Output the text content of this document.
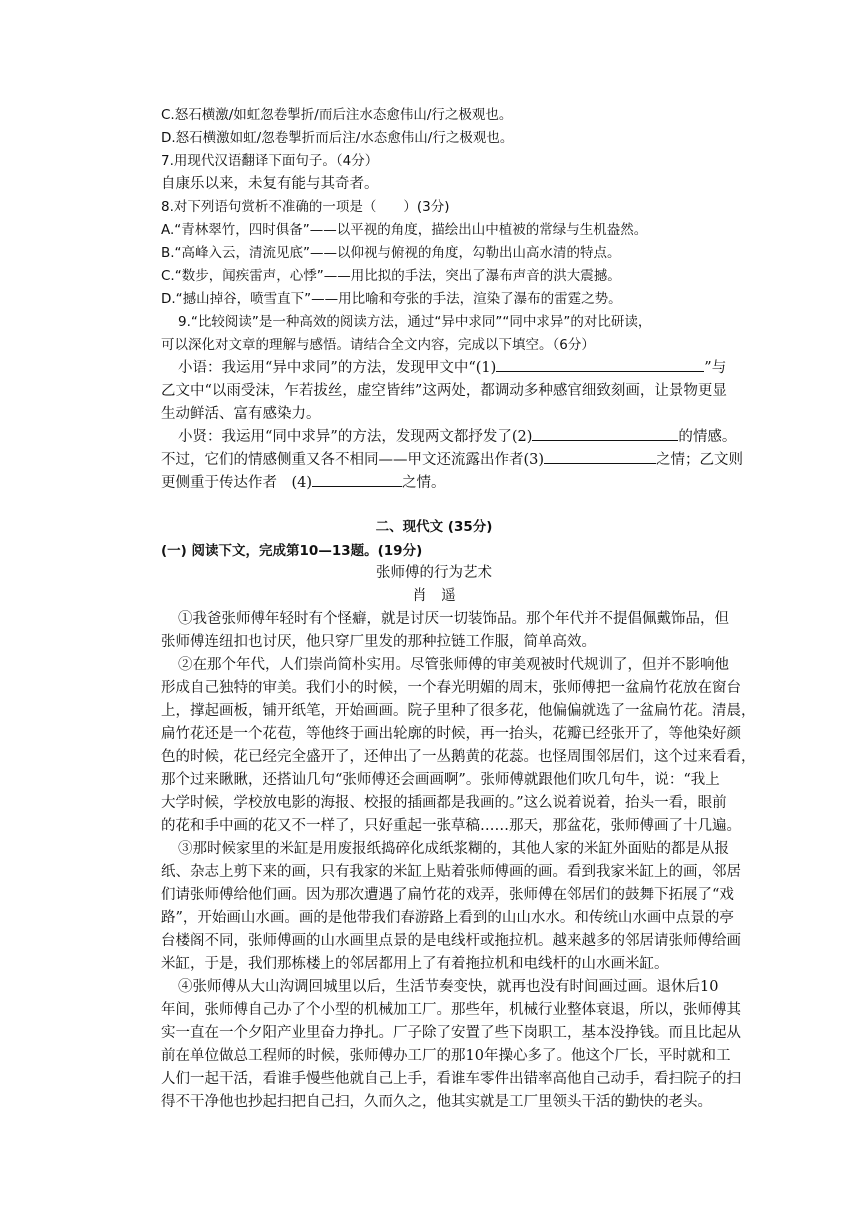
C.怒石横激/如虹忽卷掣折/而后注水态愈伟山/行之极观也。
D.怒石横激如虹/忽卷掣折而后注/水态愈伟山/行之极观也。
7.用现代汉语翻译下面句子。（4分）
自康乐以来，未复有能与其奇者。
8.对下列语句赏析不准确的一项是（　　）(3分)
A.“青林翠竹，四时俱备”——以平视的角度，描绘出山中植被的常绿与生机盎然。
B.“高峰入云，清流见底”——以仰视与俯视的角度，勾勒出山高水清的特点。
C.“数步，闻疾雷声，心悸”——用比拟的手法，突出了瀑布声音的洪大震撼。
D.“撼山掉谷，喷雪直下”——用比喻和夸张的手法，渲染了瀑布的雷霆之势。
9.“比较阅读”是一种高效的阅读方法，通过“异中求同”“同中求异”的对比研读，
可以深化对文章的理解与感悟。请结合全文内容，完成以下填空。（6分）
小语：我运用“异中求同”的方法，发现甲文中“(1)	”与
乙文中“以雨受沫，乍若拔丝，虚空皆纬”这两处，都调动多种感官细致刻画，让景物更显
生动鲜活、富有感染力。
小贤：我运用“同中求异”的方法，发现两文都抒发了(2)	的情感。
不过，它们的情感侧重又各不相同——甲文还流露出作者(3)	之情；乙文则
更侧重于传达作者　(4)	之情。
二、现代文 (35分)
(一) 阅读下文，完成第10—13题。(19分)
张师傅的行为艺术
肖　遥
①我爸张师傅年轻时有个怪癖，就是讨厌一切装饰品。那个年代并不提倡佩戴饰品，但
张师傅连纽扣也讨厌，他只穿厂里发的那种拉链工作服，简单高效。
②在那个年代，人们崇尚简朴实用。尽管张师傅的审美观被时代规训了，但并不影响他
形成自己独特的审美。我们小的时候，一个春光明媚的周末，张师傅把一盆扁竹花放在窗台
上，撑起画板，铺开纸笔，开始画画。院子里种了很多花，他偏偏就选了一盆扁竹花。清晨，
扁竹花还是一个花苞，等他终于画出轮廓的时候，再一抬头，花瓣已经张开了，等他染好颜
色的时候，花已经完全盛开了，还伸出了一丛鹅黄的花蕊。也怪周围邻居们，这个过来看看，
那个过来瞅瞅，还搭讪几句“张师傅还会画画啊”。张师傅就跟他们吹几句牛，说：“我上
大学时候，学校放电影的海报、校报的插画都是我画的。”这么说着说着，抬头一看，眼前
的花和手中画的花又不一样了，只好重起一张草稿……那天，那盆花，张师傅画了十几遍。
③那时候家里的米缸是用废报纸捣碎化成纸浆糊的，其他人家的米缸外面贴的都是从报
纸、杂志上剪下来的画，只有我家的米缸上贴着张师傅画的画。看到我家米缸上的画，邻居
们请张师傅给他们画。因为那次遭遇了扁竹花的戏弄，张师傅在邻居们的鼓舞下拓展了“戏
路”，开始画山水画。画的是他带我们春游路上看到的山山水水。和传统山水画中点景的亭
台楼阁不同，张师傅画的山水画里点景的是电线杆或拖拉机。越来越多的邻居请张师傅给画
米缸，于是，我们那栋楼上的邻居都用上了有着拖拉机和电线杆的山水画米缸。
④张师傅从大山沟调回城里以后，生活节奏变快，就再也没有时间画过画。退休后10
年间，张师傅自己办了个小型的机械加工厂。那些年，机械行业整体衰退，所以，张师傅其
实一直在一个夕阳产业里奋力挣扎。厂子除了安置了些下岗职工，基本没挣钱。而且比起从
前在单位做总工程师的时候，张师傅办工厂的那10年操心多了。他这个厂长，平时就和工
人们一起干活，看谁手慢些他就自己上手，看谁车零件出错率高他自己动手，看扫院子的扫
得不干净他也抄起扫把自己扫，久而久之，他其实就是工厂里领头干活的勤快的老头。
